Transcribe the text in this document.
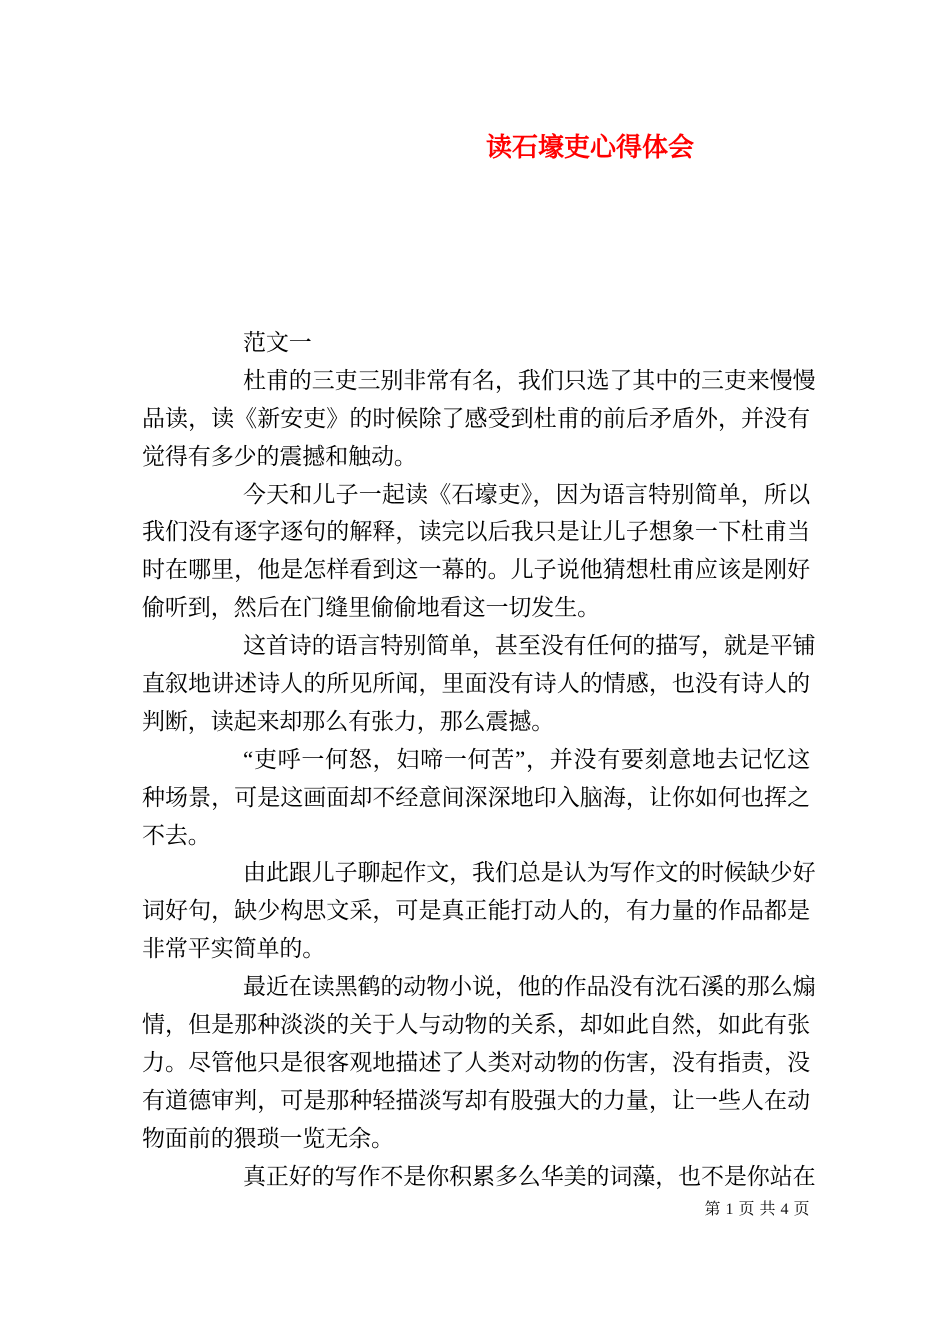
读石壕吏心得体会
范文一
杜甫的三吏三别非常有名，我们只选了其中的三吏来慢慢
品读，读《新安吏》的时候除了感受到杜甫的前后矛盾外，并没有
觉得有多少的震撼和触动。
今天和儿子一起读《石壕吏》，因为语言特别简单，所以
我们没有逐字逐句的解释，读完以后我只是让儿子想象一下杜甫当
时在哪里，他是怎样看到这一幕的。儿子说他猜想杜甫应该是刚好
偷听到，然后在门缝里偷偷地看这一切发生。
这首诗的语言特别简单，甚至没有任何的描写，就是平铺
直叙地讲述诗人的所见所闻，里面没有诗人的情感，也没有诗人的
判断，读起来却那么有张力，那么震撼。
“吏呼一何怒，妇啼一何苦”，并没有要刻意地去记忆这
种场景，可是这画面却不经意间深深地印入脑海，让你如何也挥之
不去。
由此跟儿子聊起作文，我们总是认为写作文的时候缺少好
词好句，缺少构思文采，可是真正能打动人的，有力量的作品都是
非常平实简单的。
最近在读黑鹤的动物小说，他的作品没有沈石溪的那么煽
情，但是那种淡淡的关于人与动物的关系，却如此自然，如此有张
力。尽管他只是很客观地描述了人类对动物的伤害，没有指责，没
有道德审判，可是那种轻描淡写却有股强大的力量，让一些人在动
物面前的猥琐一览无余。
真正好的写作不是你积累多么华美的词藻，也不是你站在
第 1 页 共 4 页
